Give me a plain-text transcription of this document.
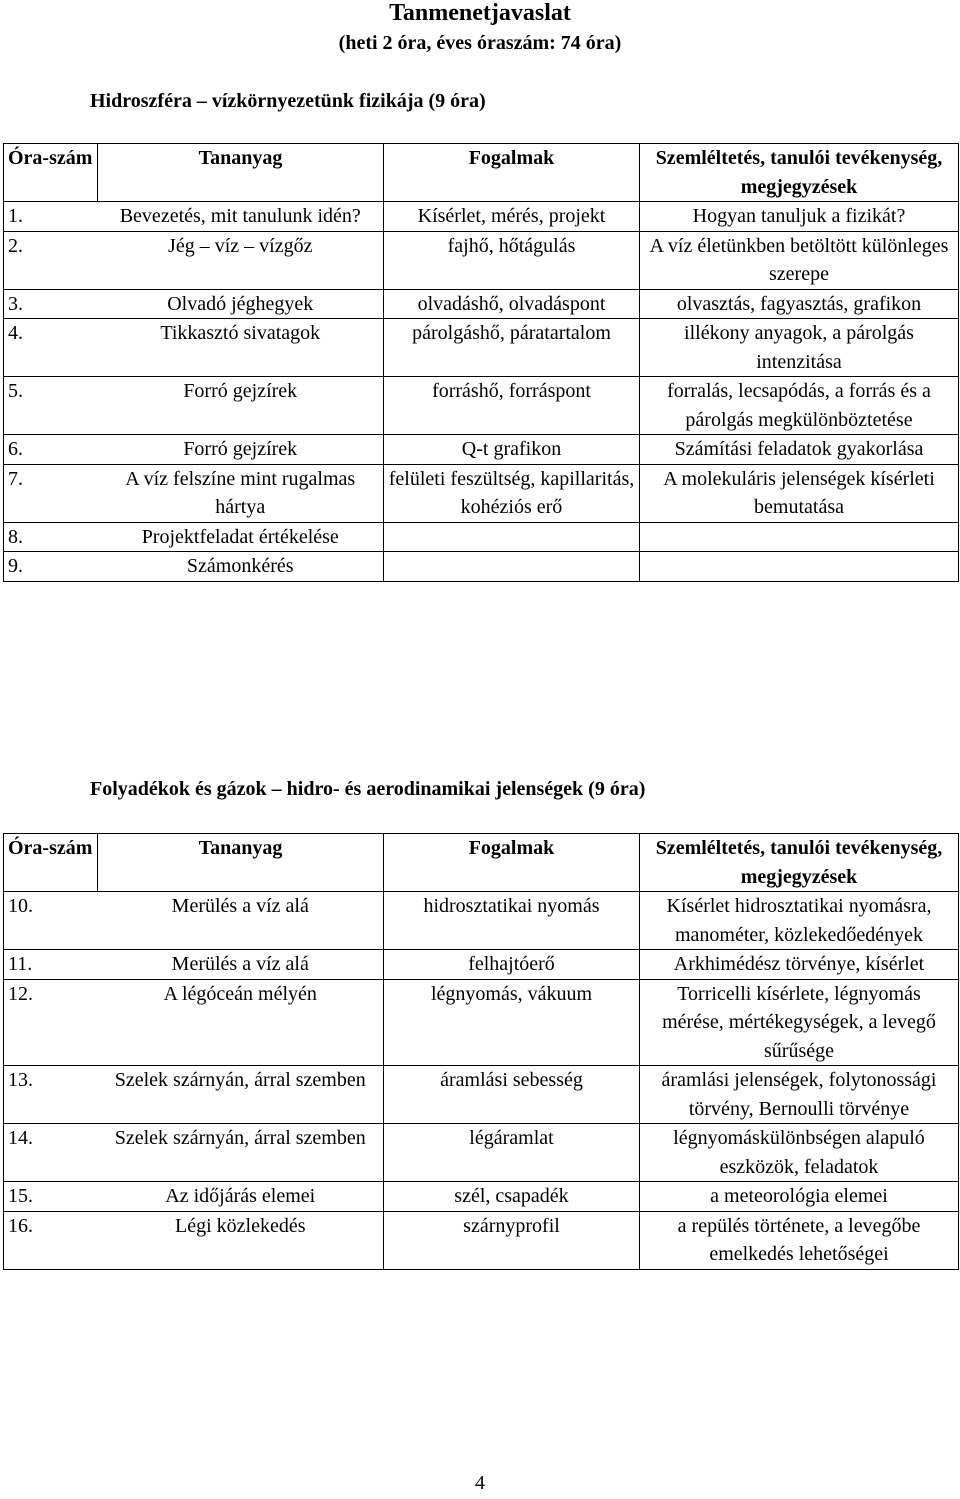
Tanmenetjavaslat
(heti 2 óra, éves óraszám: 74 óra)
Hidroszféra – vízkörnyezetünk fizikája (9 óra)
Óra-szám	Tananyag	Fogalmak	Szemléltetés, tanulói tevékenység, megjegyzések
1.	Bevezetés, mit tanulunk idén?	Kísérlet, mérés, projekt	Hogyan tanuljuk a fizikát?
2.	Jég – víz – vízgőz	fajhő, hőtágulás	A víz életünkben betöltött különleges szerepe
3.	Olvadó jéghegyek	olvadáshő, olvadáspont	olvasztás, fagyasztás, grafikon
4.	Tikkasztó sivatagok	párolgáshő, páratartalom	illékony anyagok, a párolgás intenzitása
5.	Forró gejzírek	forráshő, forráspont	forralás, lecsapódás, a forrás és a párolgás megkülönböztetése
6.	Forró gejzírek	Q-t grafikon	Számítási feladatok gyakorlása
7.	A víz felszíne mint rugalmas hártya	felületi feszültség, kapillaritás, kohéziós erő	A molekuláris jelenségek kísérleti bemutatása
8.	Projektfeladat értékelése		
9.	Számonkérés		
Folyadékok és gázok – hidro- és aerodinamikai jelenségek (9 óra)
Óra-szám	Tananyag	Fogalmak	Szemléltetés, tanulói tevékenység, megjegyzések
10.	Merülés a víz alá	hidrosztatikai nyomás	Kísérlet hidrosztatikai nyomásra, manométer, közlekedőedények
11.	Merülés a víz alá	felhajtóerő	Arkhimédész törvénye, kísérlet
12.	A légóceán mélyén	légnyomás, vákuum	Torricelli kísérlete, légnyomás mérése, mértékegységek, a levegő sűrűsége
13.	Szelek szárnyán, árral szemben	áramlási sebesség	áramlási jelenségek, folytonossági törvény, Bernoulli törvénye
14.	Szelek szárnyán, árral szemben	légáramlat	légnyomáskülönbségen alapuló eszközök, feladatok
15.	Az időjárás elemei	szél, csapadék	a meteorológia elemei
16.	Légi közlekedés	szárnyprofil	a repülés története, a levegőbe emelkedés lehetőségei
4
